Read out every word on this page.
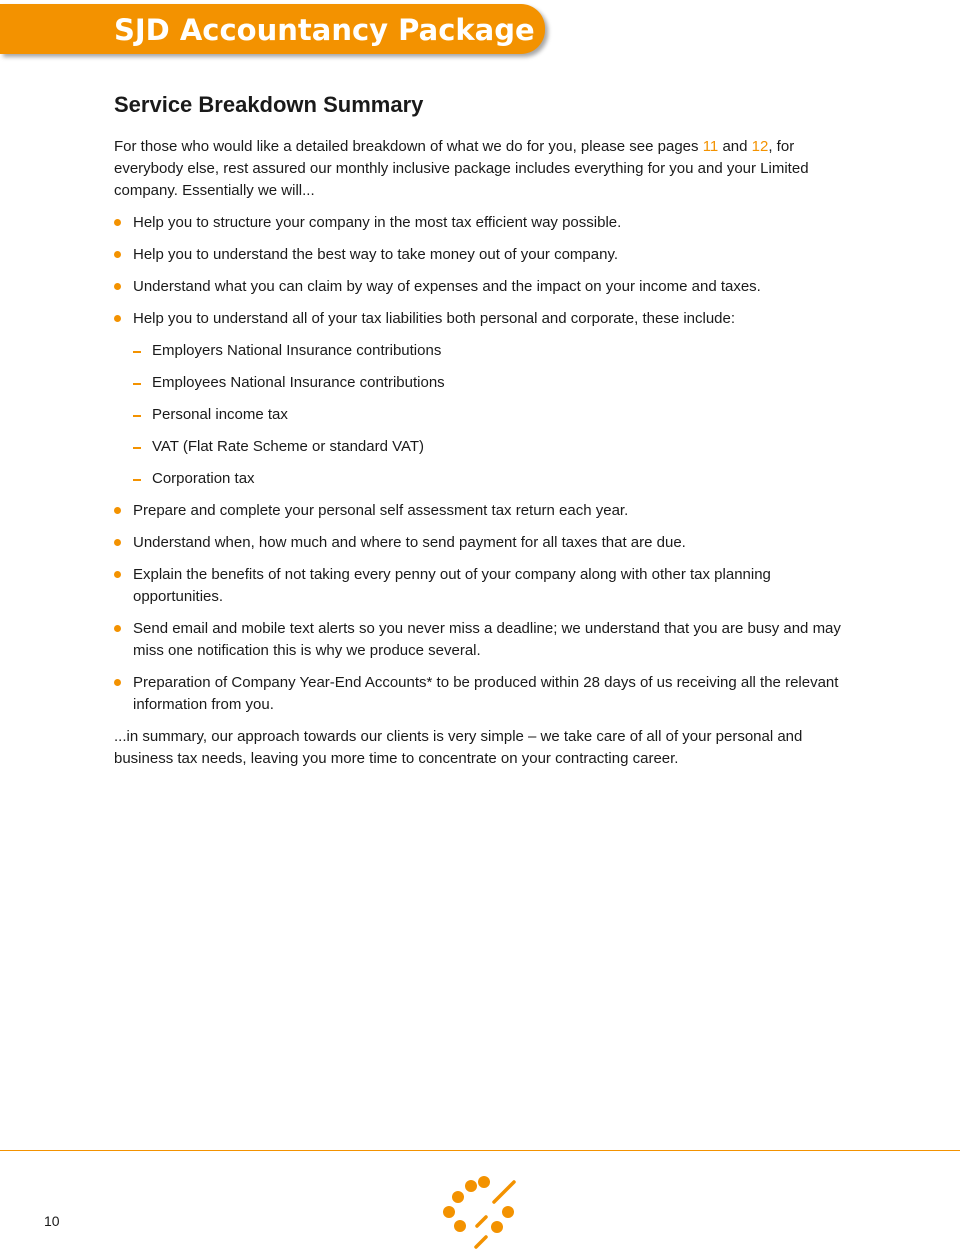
SJD Accountancy Package
Service Breakdown Summary

For those who would like a detailed breakdown of what we do for you, please see pages 11 and 12, for everybody else, rest assured our monthly inclusive package includes everything for you and your Limited company. Essentially we will...

Help you to structure your company in the most tax efficient way possible.
Help you to understand the best way to take money out of your company.
Understand what you can claim by way of expenses and the impact on your income and taxes.
Help you to understand all of your tax liabilities both personal and corporate, these include:
Employers National Insurance contributions
Employees National Insurance contributions
Personal income tax
VAT (Flat Rate Scheme or standard VAT)
Corporation tax
Prepare and complete your personal self assessment tax return each year.
Understand when, how much and where to send payment for all taxes that are due.
Explain the benefits of not taking every penny out of your company along with other tax planning opportunities.
Send email and mobile text alerts so you never miss a deadline; we understand that you are busy and may miss one notification this is why we produce several.
Preparation of Company Year-End Accounts* to be produced within 28 days of us receiving all the relevant information from you.

...in summary, our approach towards our clients is very simple – we take care of all of your personal and business tax needs, leaving you more time to concentrate on your contracting career.

10
